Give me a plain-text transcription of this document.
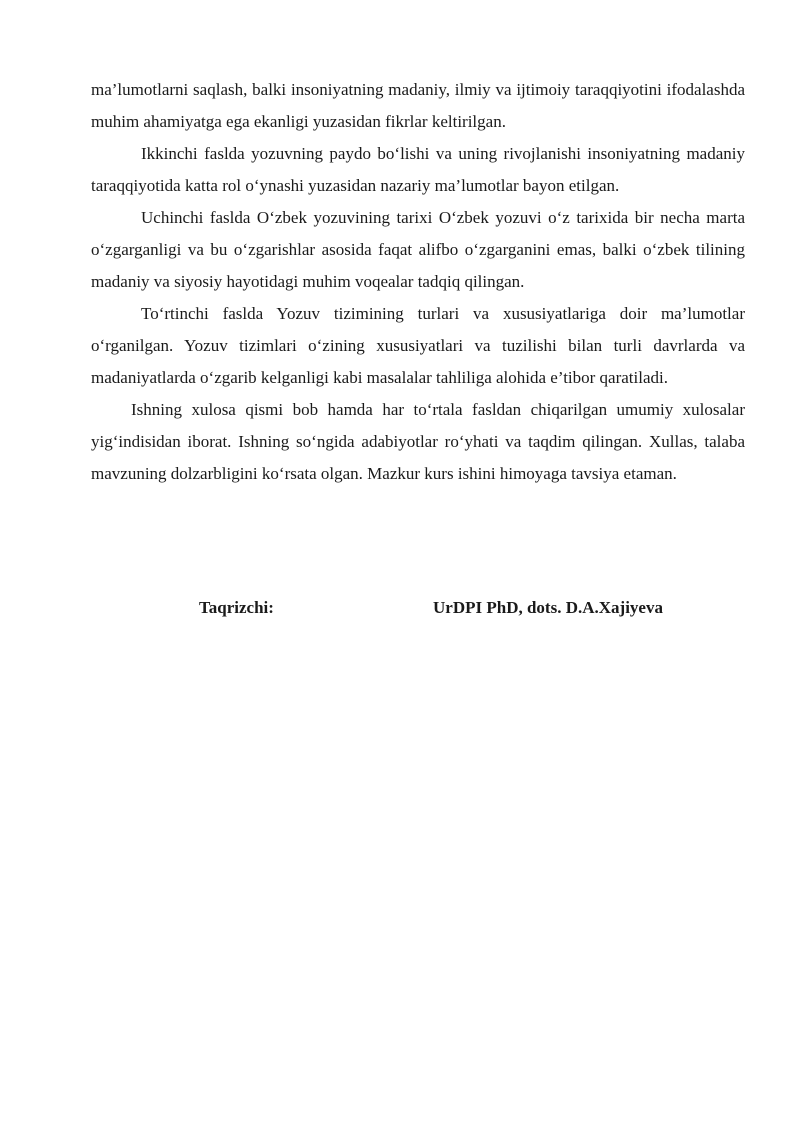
ma’lumotlarni saqlash, balki insoniyatning madaniy, ilmiy va ijtimoiy taraqqiyotini ifodalashda muhim ahamiyatga ega ekanligi yuzasidan fikrlar keltirilgan.

Ikkinchi faslda yozuvning paydo bo‘lishi va uning rivojlanishi insoniyatning madaniy taraqqiyotida katta rol o‘ynashi yuzasidan nazariy ma’lumotlar bayon etilgan.

Uchinchi faslda O‘zbek yozuvining tarixi O‘zbek yozuvi o‘z tarixida bir necha marta o‘zgarganligi va bu o‘zgarishlar asosida faqat alifbo o‘zgarganini emas, balki o‘zbek tilining madaniy va siyosiy hayotidagi muhim voqealar tadqiq qilingan.

To‘rtinchi faslda Yozuv tizimining turlari va xususiyatlariga doir ma’lumotlar o‘rganilgan. Yozuv tizimlari o‘zining xususiyatlari va tuzilishi bilan turli davrlarda va madaniyatlarda o‘zgarib kelganligi kabi masalalar tahliliga alohida e’tibor qaratiladi.

Ishning xulosa qismi bob hamda har to‘rtala fasldan chiqarilgan umumiy xulosalar yig‘indisidan iborat. Ishning so‘ngida adabiyotlar ro‘yhati va taqdim qilingan. Xullas, talaba mavzuning dolzarbligini ko‘rsata olgan. Mazkur kurs ishini himoyaga tavsiya etaman.

Taqrizchi:	UrDPI PhD, dots. D.A.Xajiyeva
